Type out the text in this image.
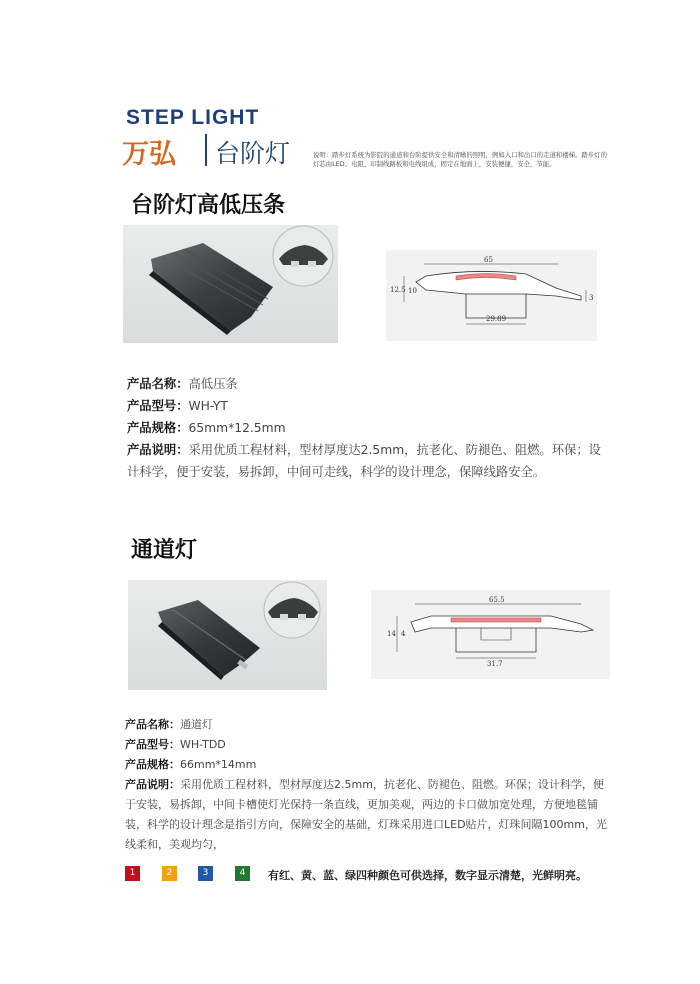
STEP LIGHT
万弘 台阶灯	说明：踏步灯系统为影院的通道和台阶提供安全和清晰的照明，例如入口和出口的走道和楼梯。踏步灯的灯芯由LED、电阻、印制线路板和电线组成，固定在地面上，安装便捷，安全，节能。
台阶灯高低压条
65
29.89
12.5 10
3
产品名称：高低压条
产品型号：WH-YT
产品规格：65mm*12.5mm
产品说明：采用优质工程材料，型材厚度达2.5mm，抗老化、防褪色、阻燃。环保；设计科学，便于安装，易拆卸，中间可走线，科学的设计理念，保障线路安全。
通道灯
65.5
31.7
14 4
产品名称：通道灯
产品型号：WH-TDD
产品规格：66mm*14mm
产品说明：采用优质工程材料，型材厚度达2.5mm，抗老化、防褪色、阻燃。环保；设计科学，便于安装，易拆卸，中间卡槽使灯光保持一条直线，更加美观，两边的卡口做加宽处理，方便地毯铺装，科学的设计理念是指引方向，保障安全的基础，灯珠采用进口LED贴片，灯珠间隔100mm，光线柔和，美观均匀，
1	2	3	4	有红、黄、蓝、绿四种颜色可供选择，数字显示清楚，光鲜明亮。
